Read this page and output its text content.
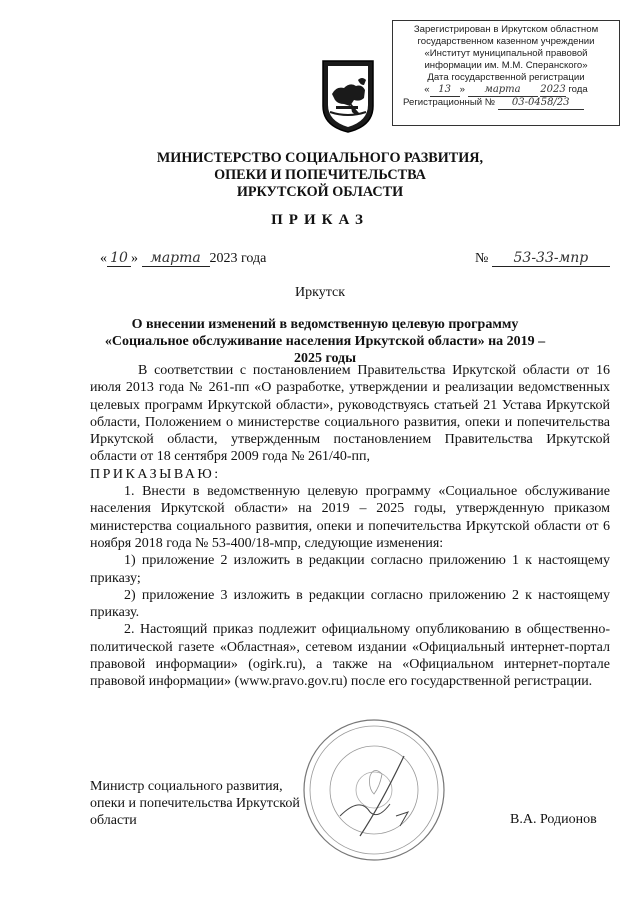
Зарегистрирован в Иркутском областном
государственном казенном учреждении
«Институт муниципальной правовой
информации им. М.М. Сперанского»
Дата государственной регистрации
« 13 » марта 2023 года
Регистрационный № 03-0458/23
МИНИСТЕРСТВО СОЦИАЛЬНОГО РАЗВИТИЯ,
ОПЕКИ И ПОПЕЧИТЕЛЬСТВА
ИРКУТСКОЙ ОБЛАСТИ
ПРИКАЗ
« 10 » марта 2023 года	№ 53-33-мпр
Иркутск
О внесении изменений в ведомственную целевую программу «Социальное обслуживание населения Иркутской области» на 2019 – 2025 годы

В соответствии с постановлением Правительства Иркутской области от 16 июля 2013 года № 261-пп «О разработке, утверждении и реализации ведомственных целевых программ Иркутской области», руководствуясь статьей 21 Устава Иркутской области, Положением о министерстве социального развития, опеки и попечительства Иркутской области, утвержденным постановлением Правительства Иркутской области от 18 сентября 2009 года № 261/40-пп,

ПРИКАЗЫВАЮ:

1. Внести в ведомственную целевую программу «Социальное обслуживание населения Иркутской области» на 2019 – 2025 годы, утвержденную приказом министерства социального развития, опеки и попечительства Иркутской области от 6 ноября 2018 года № 53-400/18-мпр, следующие изменения:

1) приложение 2 изложить в редакции согласно приложению 1 к настоящему приказу;

2) приложение 3 изложить в редакции согласно приложению 2 к настоящему приказу.

2. Настоящий приказ подлежит официальному опубликованию в общественно-политической газете «Областная», сетевом издании «Официальный интернет-портал правовой информации» (ogirk.ru), а также на «Официальном интернет-портале правовой информации» (www.pravo.gov.ru) после его государственной регистрации.

Министр социального развития,
опеки и попечительства Иркутской
области	В.А. Родионов
